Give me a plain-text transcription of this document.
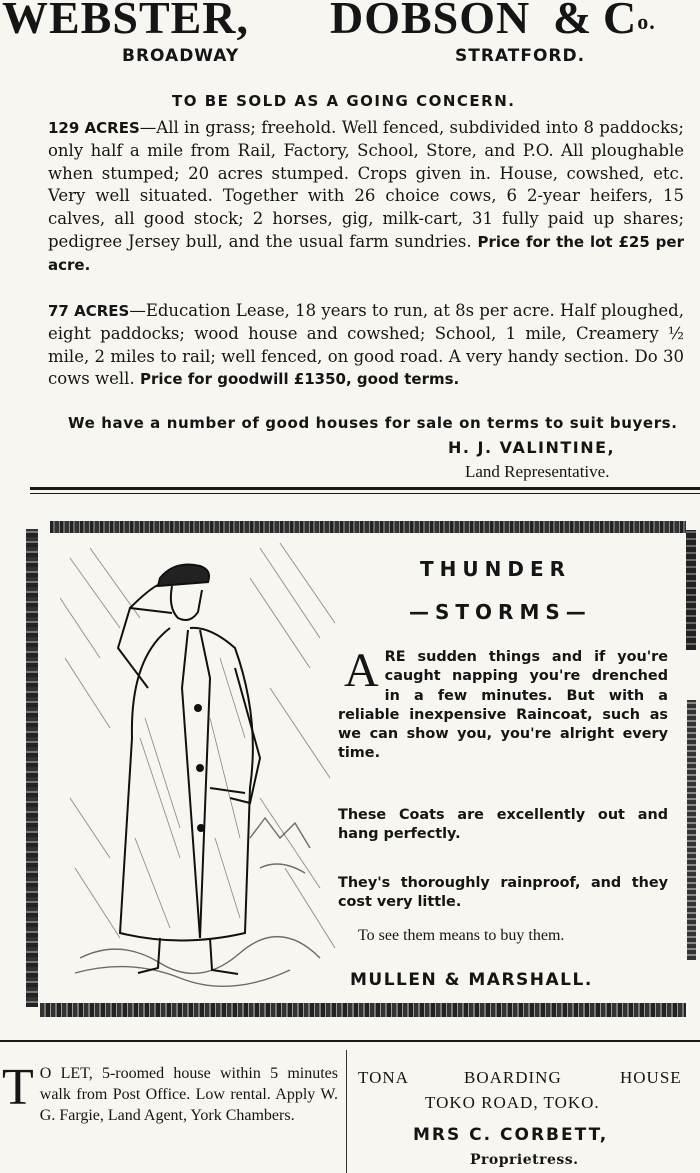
WEBSTER, DOBSON & $C^{o.}$
BROADWAY	STRATFORD.
TO BE SOLD AS A GOING CONCERN.
129 ACRES—All in grass; freehold. Well fenced, subdivided into 8 paddocks; only half a mile from Rail, Factory, School, Store, and P.O. All ploughable when stumped; 20 acres stumped. Crops given in. House, cowshed, etc. Very well situated. Together with 26 choice cows, 6 2-year heifers, 15 calves, all good stock; 2 horses, gig, milk-cart, 31 fully paid up shares; pedigree Jersey bull, and the usual farm sundries. Price for the lot £25 per acre.
77 ACRES—Education Lease, 18 years to run, at 8s per acre. Half ploughed, eight paddocks; wood house and cowshed; School, 1 mile, Creamery ½ mile, 2 miles to rail; well fenced, on good road. A very handy section. Do 30 cows well. Price for goodwill £1350, good terms.
We have a number of good houses for sale on terms to suit buyers.
H. J. VALINTINE,
Land Representative.
THUNDER
—STORMS—
ARE sudden things and if you're caught napping you're drenched in a few minutes. But with a reliable inexpensive Raincoat, such as we can show you, you're alright every time.
These Coats are excellently out and hang perfectly.
They's thoroughly rainproof, and they cost very little.
To see them means to buy them.
MULLEN & MARSHALL.
T O LET, 5-roomed house within 5 minutes walk from Post Office. Low rental. Apply W. G. Fargie, Land Agent, York Chambers.
TONA	BOARDING	HOUSE
TOKO ROAD, TOKO.
MRS C. CORBETT,
Proprietress.
